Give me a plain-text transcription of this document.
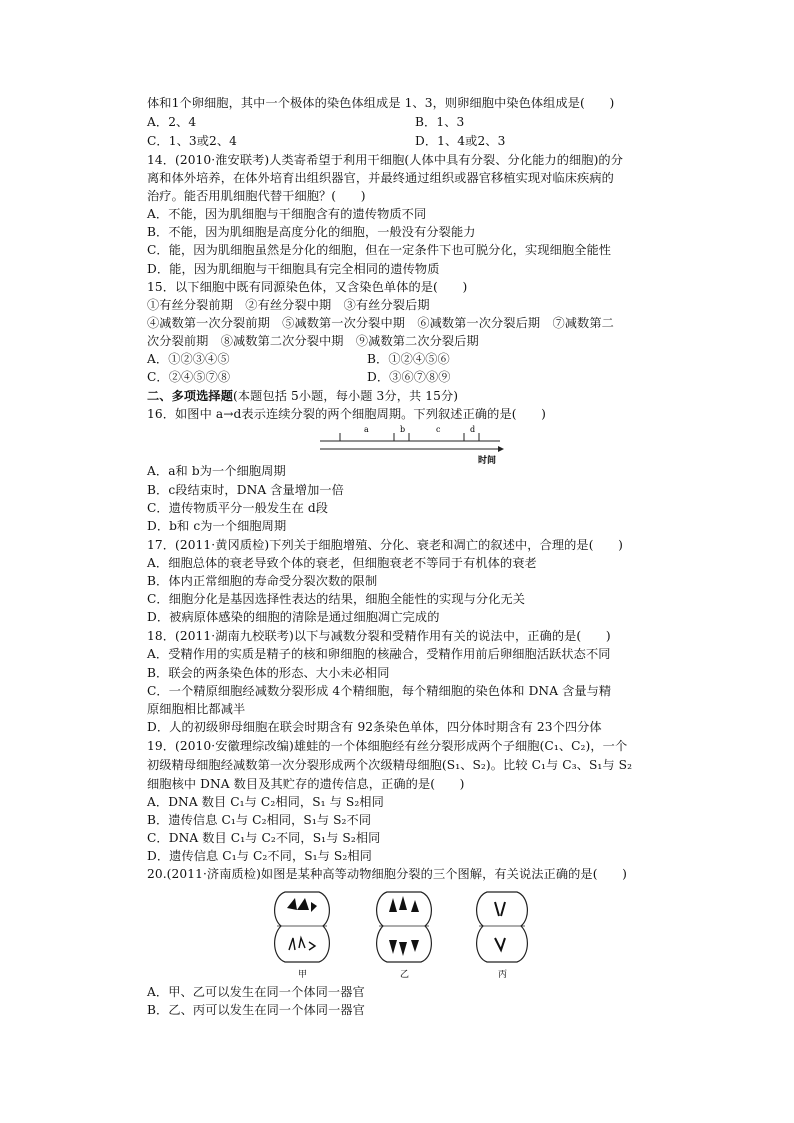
体和1个卵细胞，其中一个极体的染色体组成是 1、3，则卵细胞中染色体组成是(　　)
A．2、4	B．1、3
C．1、3或2、4	D．1、4或2、3
14．(2010·淮安联考)人类寄希望于利用干细胞(人体中具有分裂、分化能力的细胞)的分
离和体外培养，在体外培育出组织器官，并最终通过组织或器官移植实现对临床疾病的
治疗。能否用肌细胞代替干细胞？(　　)
A．不能，因为肌细胞与干细胞含有的遗传物质不同
B．不能，因为肌细胞是高度分化的细胞，一般没有分裂能力
C．能，因为肌细胞虽然是分化的细胞，但在一定条件下也可脱分化，实现细胞全能性
D．能，因为肌细胞与干细胞具有完全相同的遗传物质
15．以下细胞中既有同源染色体，又含染色单体的是(　　)
①有丝分裂前期　②有丝分裂中期　③有丝分裂后期
④减数第一次分裂前期　⑤减数第一次分裂中期　⑥减数第一次分裂后期　⑦减数第二
次分裂前期　⑧减数第二次分裂中期　⑨减数第二次分裂后期
A．①②③④⑤	B．①②④⑤⑥
C．②④⑤⑦⑧	D．③⑥⑦⑧⑨
二、多项选择题(本题包括 5小题，每小题 3分，共 15分)
16．如图中 a→d表示连续分裂的两个细胞周期。下列叙述正确的是(　　)
a	b	c	d
时间
A．a和 b为一个细胞周期
B．c段结束时，DNA 含量增加一倍
C．遗传物质平分一般发生在 d段
D．b和 c为一个细胞周期
17．(2011·黄冈质检)下列关于细胞增殖、分化、衰老和凋亡的叙述中，合理的是(　　)
A．细胞总体的衰老导致个体的衰老，但细胞衰老不等同于有机体的衰老
B．体内正常细胞的寿命受分裂次数的限制
C．细胞分化是基因选择性表达的结果，细胞全能性的实现与分化无关
D．被病原体感染的细胞的清除是通过细胞凋亡完成的
18．(2011·湖南九校联考)以下与减数分裂和受精作用有关的说法中，正确的是(　　)
A．受精作用的实质是精子的核和卵细胞的核融合，受精作用前后卵细胞活跃状态不同
B．联会的两条染色体的形态、大小未必相同
C．一个精原细胞经减数分裂形成 4个精细胞，每个精细胞的染色体和 DNA 含量与精
原细胞相比都减半
D．人的初级卵母细胞在联会时期含有 92条染色单体，四分体时期含有 23个四分体
19．(2010·安徽理综改编)雄蛙的一个体细胞经有丝分裂形成两个子细胞(C₁、C₂)，一个
初级精母细胞经减数第一次分裂形成两个次级精母细胞(S₁、S₂)。比较 C₁与 C₃、S₁与 S₂
细胞核中 DNA 数目及其贮存的遗传信息，正确的是(　　)
A．DNA 数目 C₁与 C₂相同，S₁ 与 S₂相同
B．遗传信息 C₁与 C₂相同，S₁与 S₂不同
C．DNA 数目 C₁与 C₂不同，S₁与 S₂相同
D．遗传信息 C₁与 C₂不同，S₁与 S₂相同
20.(2011·济南质检)如图是某种高等动物细胞分裂的三个图解，有关说法正确的是(　　)
甲	乙	丙
A．甲、乙可以发生在同一个体同一器官
B．乙、丙可以发生在同一个体同一器官
